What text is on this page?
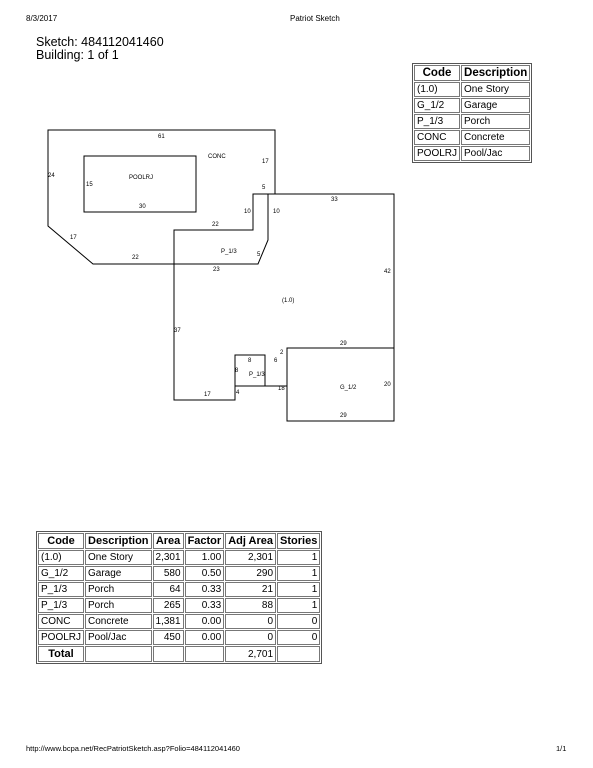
8/3/2017	Patriot Sketch
Sketch: 484112041460
Building: 1 of 1
Code	Description
(1.0)	One Story
G_1/2	Garage
P_1/3	Porch
CONC	Concrete
POOLRJ	Pool/Jac
CONC
POOLRJ
(1.0)
P_1/3
P_1/3
G_1/2
61
17
24
15
30
5
10	10
22
17
22
33
5
23	42
37
29
2
8	6
8
18
20
17	4
29
Code	Description	Area	Factor	Adj Area	Stories
(1.0)	One Story	2,301	1.00	2,301	1
G_1/2	Garage	580	0.50	290	1
P_1/3	Porch	64	0.33	21	1
P_1/3	Porch	265	0.33	88	1
CONC	Concrete	1,381	0.00	0	0
POOLRJ	Pool/Jac	450	0.00	0	0
Total				2,701	
http://www.bcpa.net/RecPatriotSketch.asp?Folio=484112041460	1/1
